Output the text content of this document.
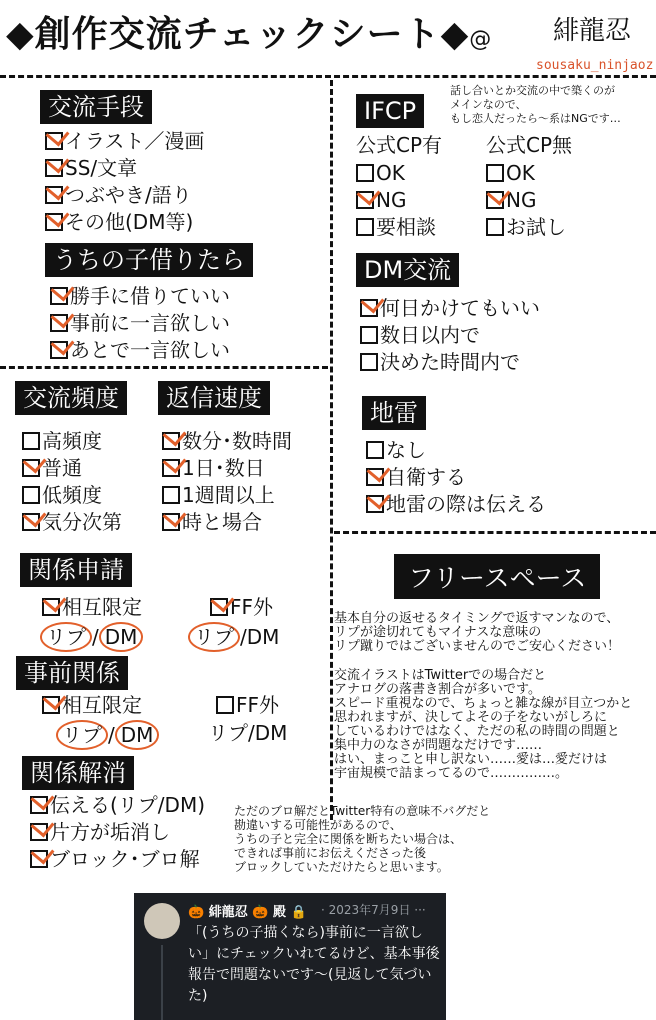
◆創作交流チェックシート◆@ 緋龍忍
sousaku_ninjaoz
交流手段
イラスト／漫画
SS/文章
つぶやき/語り
その他(DM等)
うちの子借りたら
勝手に借りていい
事前に一言欲しい
あとで一言欲しい
交流頻度
高頻度
普通
低頻度
気分次第
返信速度
数分･数時間
1日･数日
1週間以上
時と場合
関係申請
相互限定
リプ / DM
FF外
リプ /DM
事前関係
相互限定
リプ / DM
FF外
リプ/DM
関係解消
伝える(リプ/DM)
片方が垢消し
ブロック･ブロ解
ただのブロ解だとTwitter特有の意味不バグだと
勘違いする可能性があるので、
うちの子と完全に関係を断ちたい場合は、
できれば事前にお伝えくださった後
ブロックしていただけたらと思います。
IFCP
話し合いとか交流の中で築くのが
メインなので、
もし恋人だったら～系はNGです…
公式CP有
OK
NG
要相談
公式CP無
OK
NG
お試し
DM交流
何日かけてもいい
数日以内で
決めた時間内で
地雷
なし
自衛する
地雷の際は伝える
フリースペース
基本自分の返せるタイミングで返すマンなので、
リプが途切れてもマイナスな意味の
リプ蹴りではございませんのでご安心ください！
交流イラストはTwitterでの場合だと
アナログの落書き割合が多いです。
スピード重視なので、ちょっと雑な線が目立つかと
思われますが、決してよその子をないがしろに
しているわけではなく、ただの私の時間の問題と
集中力のなさが問題なだけです……
はい、まっこと申し訳ない……愛は…愛だけは
宇宙規模で詰まってるので……………。
🎃 緋龍忍 🎃 殿 🔒 · 2023年7月9日 ···
「(うちの子描くなら)事前に一言欲しい」にチェックいれてるけど、基本事後報告で問題ないです～(見返して気づいた)
